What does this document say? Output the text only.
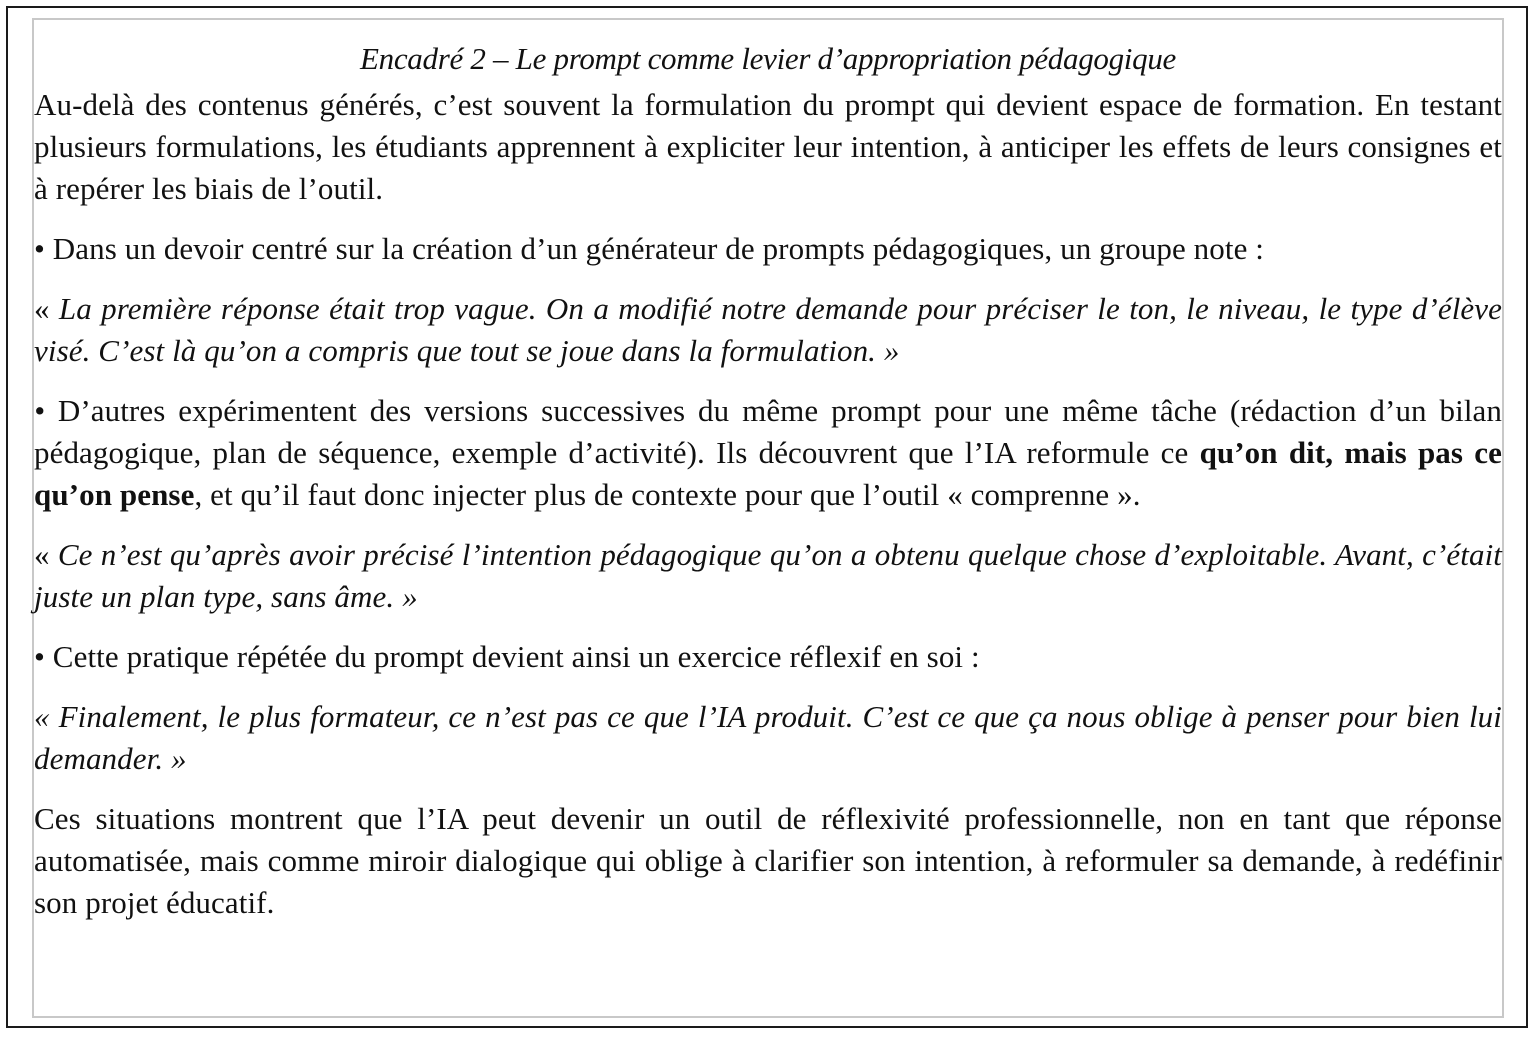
Encadré 2 – Le prompt comme levier d’appropriation pédagogique

Au-delà des contenus générés, c’est souvent la formulation du prompt qui devient espace de formation. En testant plusieurs formulations, les étudiants apprennent à expliciter leur intention, à anticiper les effets de leurs consignes et à repérer les biais de l’outil.

• Dans un devoir centré sur la création d’un générateur de prompts pédagogiques, un groupe note :

« La première réponse était trop vague. On a modifié notre demande pour préciser le ton, le niveau, le type d’élève visé. C’est là qu’on a compris que tout se joue dans la formulation. »

• D’autres expérimentent des versions successives du même prompt pour une même tâche (rédaction d’un bilan pédagogique, plan de séquence, exemple d’activité). Ils découvrent que l’IA reformule ce qu’on dit, mais pas ce qu’on pense, et qu’il faut donc injecter plus de contexte pour que l’outil « comprenne ».

« Ce n’est qu’après avoir précisé l’intention pédagogique qu’on a obtenu quelque chose d’exploitable. Avant, c’était juste un plan type, sans âme. »

• Cette pratique répétée du prompt devient ainsi un exercice réflexif en soi :

« Finalement, le plus formateur, ce n’est pas ce que l’IA produit. C’est ce que ça nous oblige à penser pour bien lui demander. »

Ces situations montrent que l’IA peut devenir un outil de réflexivité professionnelle, non en tant que réponse automatisée, mais comme miroir dialogique qui oblige à clarifier son intention, à reformuler sa demande, à redéfinir son projet éducatif.
